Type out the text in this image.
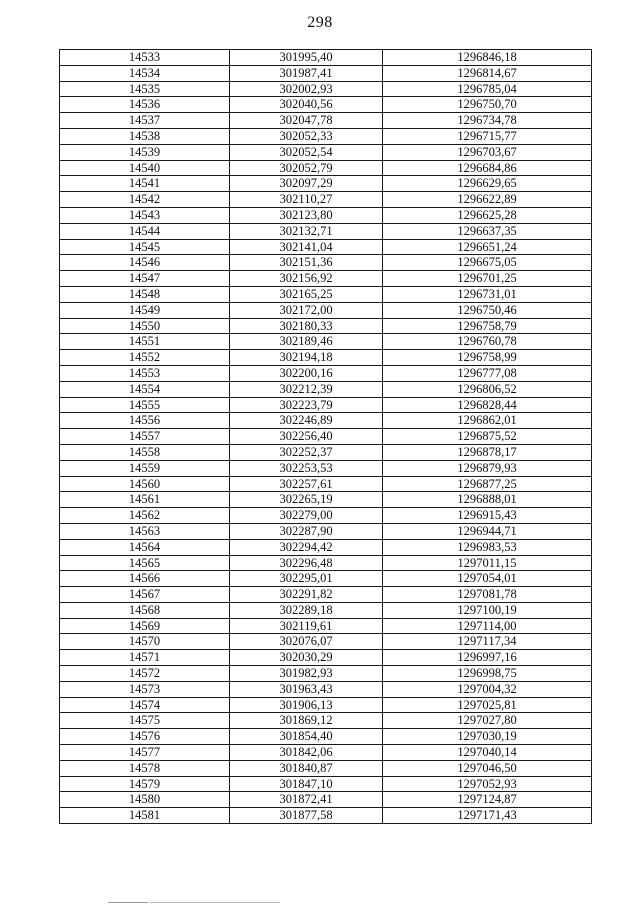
298
14533	301995,40	1296846,18
14534	301987,41	1296814,67
14535	302002,93	1296785,04
14536	302040,56	1296750,70
14537	302047,78	1296734,78
14538	302052,33	1296715,77
14539	302052,54	1296703,67
14540	302052,79	1296684,86
14541	302097,29	1296629,65
14542	302110,27	1296622,89
14543	302123,80	1296625,28
14544	302132,71	1296637,35
14545	302141,04	1296651,24
14546	302151,36	1296675,05
14547	302156,92	1296701,25
14548	302165,25	1296731,01
14549	302172,00	1296750,46
14550	302180,33	1296758,79
14551	302189,46	1296760,78
14552	302194,18	1296758,99
14553	302200,16	1296777,08
14554	302212,39	1296806,52
14555	302223,79	1296828,44
14556	302246,89	1296862,01
14557	302256,40	1296875,52
14558	302252,37	1296878,17
14559	302253,53	1296879,93
14560	302257,61	1296877,25
14561	302265,19	1296888,01
14562	302279,00	1296915,43
14563	302287,90	1296944,71
14564	302294,42	1296983,53
14565	302296,48	1297011,15
14566	302295,01	1297054,01
14567	302291,82	1297081,78
14568	302289,18	1297100,19
14569	302119,61	1297114,00
14570	302076,07	1297117,34
14571	302030,29	1296997,16
14572	301982,93	1296998,75
14573	301963,43	1297004,32
14574	301906,13	1297025,81
14575	301869,12	1297027,80
14576	301854,40	1297030,19
14577	301842,06	1297040,14
14578	301840,87	1297046,50
14579	301847,10	1297052,93
14580	301872,41	1297124,87
14581	301877,58	1297171,43
